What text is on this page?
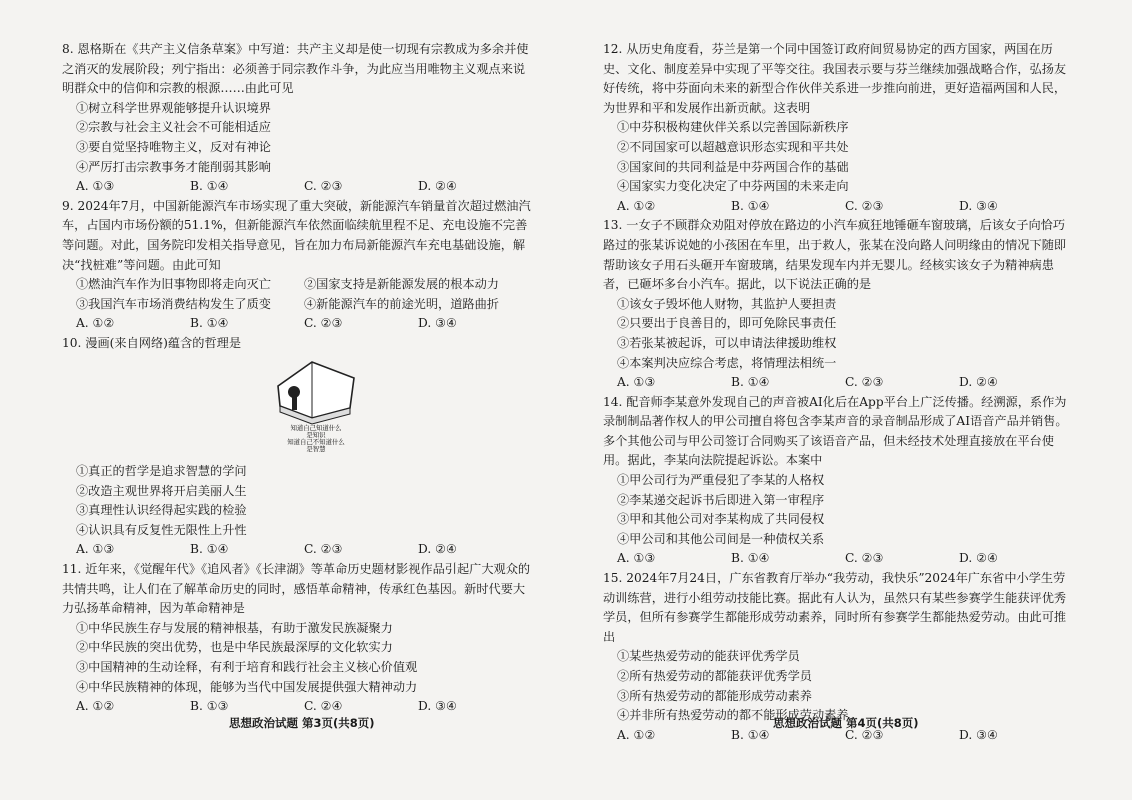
8. 恩格斯在《共产主义信条草案》中写道：共产主义却是使一切现有宗教成为多余并使之消灭的发展阶段；列宁指出：必须善于同宗教作斗争，为此应当用唯物主义观点来说明群众中的信仰和宗教的根源……由此可见
①树立科学世界观能够提升认识境界
②宗教与社会主义社会不可能相适应
③要自觉坚持唯物主义，反对有神论
④严厉打击宗教事务才能削弱其影响
A. ①③	B. ①④	C. ②③	D. ②④
9. 2024年7月，中国新能源汽车市场实现了重大突破，新能源汽车销量首次超过燃油汽车，占国内市场份额的51.1%，但新能源汽车依然面临续航里程不足、充电设施不完善等问题。对此，国务院印发相关指导意见，旨在加力布局新能源汽车充电基础设施，解决“找桩难”等问题。由此可知
①燃油汽车作为旧事物即将走向灭亡	②国家支持是新能源发展的根本动力
③我国汽车市场消费结构发生了质变	④新能源汽车的前途光明，道路曲折
A. ①②	B. ①④	C. ②③	D. ③④
10. 漫画(来自网络)蕴含的哲理是
知道自己知道什么
是知识
知道自己不知道什么
是智慧
①真正的哲学是追求智慧的学问
②改造主观世界将开启美丽人生
③真理性认识经得起实践的检验
④认识具有反复性无限性上升性
A. ①③	B. ①④	C. ②③	D. ②④
11. 近年来，《觉醒年代》《追风者》《长津湖》等革命历史题材影视作品引起广大观众的共情共鸣，让人们在了解革命历史的同时，感悟革命精神，传承红色基因。新时代要大力弘扬革命精神，因为革命精神是
①中华民族生存与发展的精神根基，有助于激发民族凝聚力
②中华民族的突出优势，也是中华民族最深厚的文化软实力
③中国精神的生动诠释，有利于培育和践行社会主义核心价值观
④中华民族精神的体现，能够为当代中国发展提供强大精神动力
A. ①②	B. ①③	C. ②④	D. ③④
12. 从历史角度看，芬兰是第一个同中国签订政府间贸易协定的西方国家，两国在历史、文化、制度差异中实现了平等交往。我国表示要与芬兰继续加强战略合作，弘扬友好传统，将中芬面向未来的新型合作伙伴关系进一步推向前进，更好造福两国和人民，为世界和平和发展作出新贡献。这表明
①中芬积极构建伙伴关系以完善国际新秩序
②不同国家可以超越意识形态实现和平共处
③国家间的共同利益是中芬两国合作的基础
④国家实力变化决定了中芬两国的未来走向
A. ①②	B. ①④	C. ②③	D. ③④
13. 一女子不顾群众劝阻对停放在路边的小汽车疯狂地锤砸车窗玻璃，后该女子向恰巧路过的张某诉说她的小孩困在车里，出于救人，张某在没向路人问明缘由的情况下随即帮助该女子用石头砸开车窗玻璃，结果发现车内并无婴儿。经核实该女子为精神病患者，已砸坏多台小汽车。据此，以下说法正确的是
①该女子毁坏他人财物，其监护人要担责
②只要出于良善目的，即可免除民事责任
③若张某被起诉，可以申请法律援助维权
④本案判决应综合考虑，将情理法相统一
A. ①③	B. ①④	C. ②③	D. ②④
14. 配音师李某意外发现自己的声音被AI化后在App平台上广泛传播。经溯源，系作为录制制品著作权人的甲公司擅自将包含李某声音的录音制品形成了AI语音产品并销售。多个其他公司与甲公司签订合同购买了该语音产品，但未经技术处理直接放在平台使用。据此，李某向法院提起诉讼。本案中
①甲公司行为严重侵犯了李某的人格权
②李某递交起诉书后即进入第一审程序
③甲和其他公司对李某构成了共同侵权
④甲公司和其他公司间是一种债权关系
A. ①③	B. ①④	C. ②③	D. ②④
15. 2024年7月24日，广东省教育厅举办“我劳动，我快乐”2024年广东省中小学生劳动训练营，进行小组劳动技能比赛。据此有人认为，虽然只有某些参赛学生能获评优秀学员，但所有参赛学生都能形成劳动素养，同时所有参赛学生都能热爱劳动。由此可推出
①某些热爱劳动的能获评优秀学员
②所有热爱劳动的都能获评优秀学员
③所有热爱劳动的都能形成劳动素养
④并非所有热爱劳动的都不能形成劳动素养
A. ①②	B. ①④	C. ②③	D. ③④
思想政治试题 第3页(共8页)	思想政治试题 第4页(共8页)
